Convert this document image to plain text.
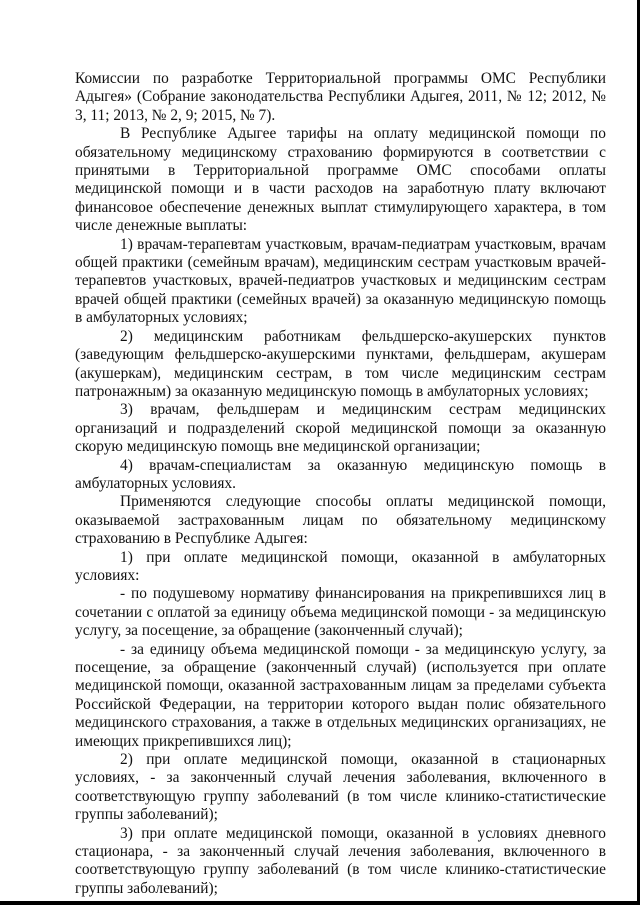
Комиссии по разработке Территориальной программы ОМС Республики Адыгея» (Собрание законодательства Республики Адыгея, 2011, № 12; 2012, № 3, 11; 2013, № 2, 9; 2015, № 7).

В Республике Адыгее тарифы на оплату медицинской помощи по обязательному медицинскому страхованию формируются в соответствии с принятыми в Территориальной программе ОМС способами оплаты медицинской помощи и в части расходов на заработную плату включают финансовое обеспечение денежных выплат стимулирующего характера, в том числе денежные выплаты:

1) врачам-терапевтам участковым, врачам-педиатрам участковым, врачам общей практики (семейным врачам), медицинским сестрам участковым врачей-терапевтов участковых, врачей-педиатров участковых и медицинским сестрам врачей общей практики (семейных врачей) за оказанную медицинскую помощь в амбулаторных условиях;

2) медицинским работникам фельдшерско-акушерских пунктов (заведующим фельдшерско-акушерскими пунктами, фельдшерам, акушерам (акушеркам), медицинским сестрам, в том числе медицинским сестрам патронажным) за оказанную медицинскую помощь в амбулаторных условиях;

3) врачам, фельдшерам и медицинским сестрам медицинских организаций и подразделений скорой медицинской помощи за оказанную скорую медицинскую помощь вне медицинской организации;

4) врачам-специалистам за оказанную медицинскую помощь в амбулаторных условиях.

Применяются следующие способы оплаты медицинской помощи, оказываемой застрахованным лицам по обязательному медицинскому страхованию в Республике Адыгея:

1) при оплате медицинской помощи, оказанной в амбулаторных условиях:

- по подушевому нормативу финансирования на прикрепившихся лиц в сочетании с оплатой за единицу объема медицинской помощи - за медицинскую услугу, за посещение, за обращение (законченный случай);

- за единицу объема медицинской помощи - за медицинскую услугу, за посещение, за обращение (законченный случай) (используется при оплате медицинской помощи, оказанной застрахованным лицам за пределами субъекта Российской Федерации, на территории которого выдан полис обязательного медицинского страхования, а также в отдельных медицинских организациях, не имеющих прикрепившихся лиц);

2) при оплате медицинской помощи, оказанной в стационарных условиях, - за законченный случай лечения заболевания, включенного в соответствующую группу заболеваний (в том числе клинико-статистические группы заболеваний);

3) при оплате медицинской помощи, оказанной в условиях дневного стационара, - за законченный случай лечения заболевания, включенного в соответствующую группу заболеваний (в том числе клинико-статистические группы заболеваний);
